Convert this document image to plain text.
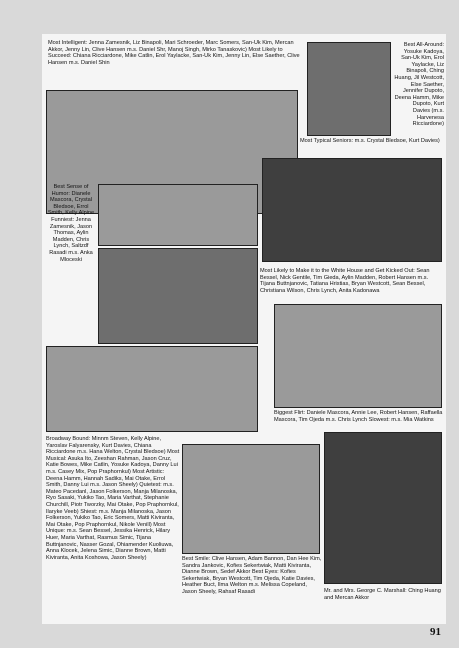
Most Intelligent: Jenna Zamesnik, Liz Binapoli, Mari Schroeder, Marc Somers, San-Uk Kim, Mercan Akkor, Jenny Lin, Clive Hansen m.s. Daniel Shr, Manoj Singh, Mirko Tanaskovic) Most Likely to Succeed: Chiana Ricciardone, Mike Catlin, Erol Yaylacke, San-Uk Kim, Jenny Lin, Else Saether, Clive Hansen m.s. Daniel Shin
Best All-Around: Yosuke Kadoya, San-Uk Kim, Erol Yaylacke, Liz Binapoli, Ching Huang, Jil Westcott, Else Saether, Jennifer Dupoto, Deena Hamm, Mike Dupoto, Kurt Davies (m.s. Harvenesa Ricciardone)
Most Typical Seniors: m.s. Crystal Bledsoe, Kurt Davies)
Best Sense of Humor: Dianele Mascora, Crystal Bledsoe, Errol Smith, Kelly Alpine Funniest: Jenna Zamesnik, Jason Thomas, Aylin Madden, Chris Lynch, Saltzdf Rasadi m.s. Anka Mloceski
Most Likely to Make it to the White House and Get Kicked Out: Sean Bessel, Nick Gentile, Tim Gieda, Aylin Madden, Robert Hansen m.s. Tijana Buttnjanovic, Tatiana Hristias, Bryan Westcott, Sean Bessel, Christiana Wilson, Chris Lynch, Anita Kadonawa
Biggest Flirt: Daniele Mascora, Annie Lee, Robert Hansen, Raffaella Mascora, Tim Ojeda m.s. Chris Lynch Slowest: m.s. Mia Watkins
Broadway Bound: Minnm Steven, Kelly Alpine, Yaroslav Falyarensky, Kurt Davies, Chiana Ricciardone m.s. Hana Welton, Crystal Bledsoe) Most Musical: Asuka Ito, Zeeshan Rahman, Jason Cruz, Katie Bowes, Mike Catlin, Yosuke Kadoya, Danny Lui m.s. Casey Mix, Pop Praphornkul) Most Artistic: Deena Hamm, Hannah Sadiks, Mai Otake, Errol Smith, Danny Lui m.s. Jason Sheely) Quietest: m.s. Mateo Pacedanl, Jason Folkerson, Manja Milanoska, Ryo Sasaki, Yukiko Tao, Maria Varthat, Stephanie Churchill, Piotr Tworzky, Mai Otake, Pop Praphornkul, Ilaryke Veeb) Shiest: m.s. Manja Milanoska, Jason Folkerson, Yukiko Tao, Eric Somers, Matti Kiviranta, Mai Otake, Pop Praphornkul, Nikole Venill) Most Unique: m.s. Sean Bessel, Jessika Henrick, Hilary Huer, Maria Varthat, Rasmus Simic, Tijana Buttnjanovic, Nasser Gozal, Ohiamender Kuoliuwa, Anna Klocek, Jelena Simic, Dianne Brown, Matti Kiviranta, Anita Koshowa, Jason Sheely)	Best Smile: Clive Hansen, Adam Bannon, Dan Hee Kim, Sandra Jankovic, Kofies Sekertwiak, Matti Kiviranta, Dianne Brown, Sedef Akkor Best Eyes: Kofies Sekertwiak, Bryan Westcott, Tim Ojeda, Katie Davies, Heather Buct, Ilma Welton m.s. Melissa Copeland, Jason Sheely, Rahsaf Rasadi	Mr. and Mrs. George C. Marshall: Ching Huang and Mercan Akkor
91
